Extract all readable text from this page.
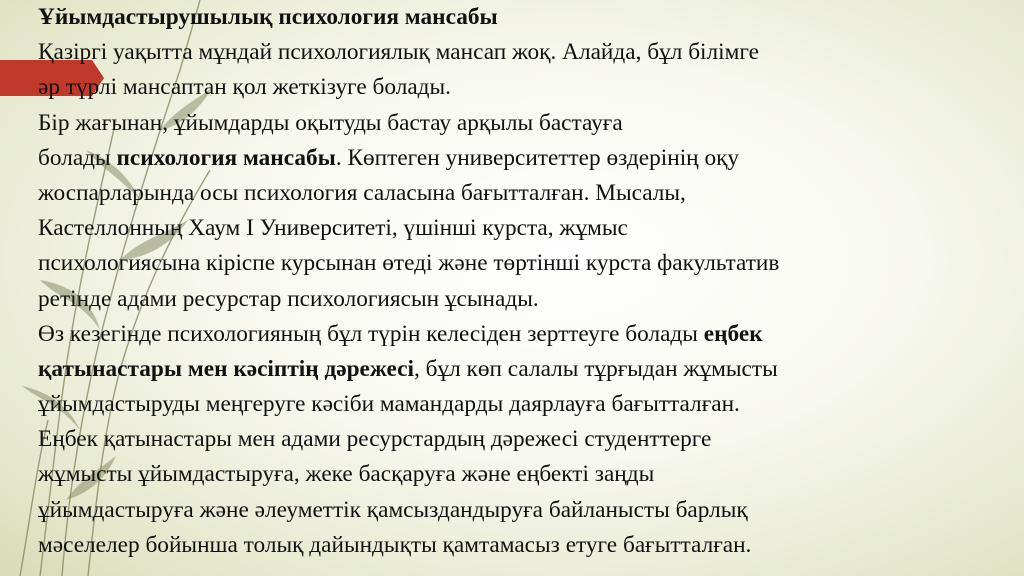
Ұйымдастырушылық психология мансабы
Қазіргі уақытта мұндай психологиялық мансап жоқ. Алайда, бұл білімге
әр түрлі мансаптан қол жеткізуге болады.
Бір жағынан, ұйымдарды оқытуды бастау арқылы бастауға
болады психология мансабы. Көптеген университеттер өздерінің оқу
жоспарларында осы психология саласына бағытталған. Мысалы,
Кастеллонның Хаум I Университеті, үшінші курста, жұмыс
психологиясына кіріспе курсынан өтеді және төртінші курста факультатив
ретінде адами ресурстар психологиясын ұсынады.
Өз кезегінде психологияның бұл түрін келесіден зерттеуге болады еңбек
қатынастары мен кәсіптің дәрежесі, бұл көп салалы тұрғыдан жұмысты
ұйымдастыруды меңгеруге кәсіби мамандарды даярлауға бағытталған.
Еңбек қатынастары мен адами ресурстардың дәрежесі студенттерге
жұмысты ұйымдастыруға, жеке басқаруға және еңбекті заңды
ұйымдастыруға және әлеуметтік қамсыздандыруға байланысты барлық
мәселелер бойынша толық дайындықты қамтамасыз етуге бағытталған.
